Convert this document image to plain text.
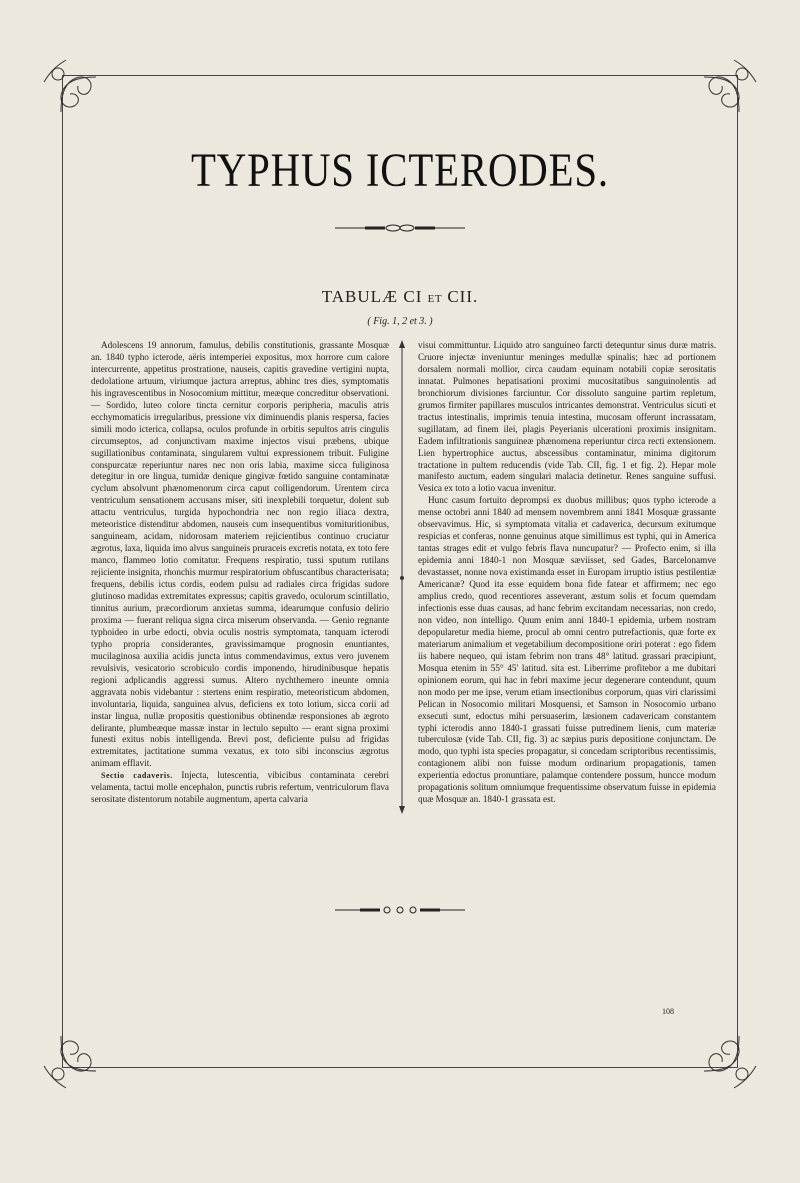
TYPHUS ICTERODES.
TABULÆ CI ET CII.
( Fig. 1, 2 et 3. )

Adolescens 19 annorum, famulus, debilis constitutionis, grassante Mosquæ an. 1840 typho icterode, aëris intemperiei expositus, mox horrore cum calore intercurrente, appetitus prostratione, nauseis, capitis gravedine vertigini nupta, dedolatione artuum, viriumque jactura arreptus, abhinc tres dies, symptomatis his ingravescentibus in Nosocomium mittitur, meæque concreditur observationi. — Sordido, luteo colore tincta cernitur corporis peripheria, maculis atris ecchymomaticis irregularibus, pressione vix diminuendis planis respersa, facies simili modo icterica, collapsa, oculos profunde in orbitis sepultos atris cingulis circumseptos, ad conjunctivam maxime injectos visui præbens, ubique sugillationibus contaminata, singularem vultui expressionem tribuit. Fuligine conspurcatæ reperiuntur nares nec non oris labia, maxime sicca fuliginosa detegitur in ore lingua, tumidæ denique gingivæ fœtido sanguine contaminatæ cyclum absolvunt phænomenorum circa caput colligendorum. Urentem circa ventriculum sensationem accusans miser, siti inexplebili torquetur, dolent sub attactu ventriculus, turgida hypochondria nec non regio iliaca dextra, meteoristice distenditur abdomen, nauseis cum insequentibus vomituritionibus, sanguineam, acidam, nidorosam materiem rejicientibus continuo cruciatur ægrotus, laxa, liquida imo alvus sanguineis pruraceis excretis notata, ex toto fere manco, flammeo lotio comitatur. Frequens respiratio, tussi sputum rutilans rejiciente insignita, rhonchis murmur respiratorium obfuscantibus characterisata; frequens, debilis ictus cordis, eodem pulsu ad radiales circa frigidas sudore glutinoso madidas extremitates expressus; capitis gravedo, oculorum scintillatio, tinnitus aurium, præcordiorum anxietas summa, idearumque confusio delirio proxima — fuerant reliqua signa circa miserum observanda. — Genio regnante typhoideo in urbe edocti, obvia oculis nostris symptomata, tanquam icterodi typho propria considerantes, gravissimamque prognosin enuntiantes, mucilaginosa auxilia acidis juncta intus commendavimus, extus vero juvenem revulsivis, vesicatorio scrobiculo cordis imponendo, hirudinibusque hepatis regioni adplicandis aggressi sumus. Altero nychthemero ineunte omnia aggravata nobis videbantur : stertens enim respiratio, meteoristicum abdomen, involuntaria, liquida, sanguinea alvus, deficiens ex toto lotium, sicca corii ad instar lingua, nullæ propositis questionibus obtinendæ responsiones ab ægroto delirante, plumbeæque massæ instar in lectulo sepulto — erant signa proximi funesti exitus nobis intelligenda. Brevi post, deficiente pulsu ad frigidas extremitates, jactitatione summa vexatus, ex toto sibi inconscius ægrotus animam efflavit.

Sectio cadaveris. Injecta, lutescentia, vibicibus contaminata cerebri velamenta, tactui molle encephalon, punctis rubris refertum, ventriculorum flava serositate distentorum notabile augmentum, aperta calvaria

visui committuntur. Liquido atro sanguineo farcti detequntur sinus duræ matris. Cruore injectæ inveniuntur meninges medullæ spinalis; hæc ad portionem dorsalem normali mollior, circa caudam equinam notabili copiæ serositatis innatat. Pulmones hepatisationi proximi mucositatibus sanguinolentis ad bronchiorum divisiones farciuntur. Cor dissoluto sanguine partim repletum, grumos firmiter papillares musculos intricantes demonstrat. Ventriculus sicuti et tractus intestinalis, imprimis tenuia intestina, mucosam offerunt incrassatam, sugillatam, ad finem ilei, plagis Peyerianis ulcerationi proximis insignitam. Eadem infiltrationis sanguineæ phænomena reperiuntur circa recti extensionem. Lien hypertrophice auctus, abscessibus contaminatur, minima digitorum tractatione in pultem reducendis (vide Tab. CII, fig. 1 et fig. 2). Hepar mole manifesto auctum, eadem singulari malacia detinetur. Renes sanguine suffusi. Vesica ex toto a lotio vacua invenitur.

Hunc casum fortuito deprompsi ex duobus millibus; quos typho icterode a mense octobri anni 1840 ad mensem novembrem anni 1841 Mosquæ grassante observavimus. Hic, si symptomata vitalia et cadaverica, decursum exitumque respicias et conferas, nonne genuinus atque simillimus est typhi, qui in America tantas strages edit et vulgo febris flava nuncupatur? — Profecto enim, si illa epidemia anni 1840-1 non Mosquæ sæviisset, sed Gades, Barcelonamve devastasset, nonne nova existimanda esset in Europam irruptio istius pestilentiæ Americanæ? Quod ita esse equidem bona fide fatear et affirmem; nec ego amplius credo, quod recentiores asseverant, æstum solis et focum quemdam infectionis esse duas causas, ad hanc febrim excitandam necessarias, non credo, non video, non intelligo. Quum enim anni 1840-1 epidemia, urbem nostram depopularetur media hieme, procul ab omni centro putrefactionis, quæ forte ex materiarum animalium et vegetabilium decompositione oriri poterat : ego fidem iis habere nequeo, qui istam febrim non trans 48° latitud. grassari præcipiunt, Mosqua etenim in 55° 45' latitud. sita est. Liberrime profitebor a me dubitari opinionem eorum, qui hac in febri maxime jecur degenerare contendunt, quum non modo per me ipse, verum etiam insectionibus corporum, quas viri clarissimi Pelican in Nosocomio militari Mosquensi, et Samson in Nosocomio urbano exsecuti sunt, edoctus mihi persuaserim, læsionem cadavericam constantem typhi icterodis anno 1840-1 grassati fuisse putredinem lienis, cum materiæ tuberculosæ (vide Tab. CII, fig. 3) ac sæpius puris depositione conjunctam. De modo, quo typhi ista species propagatur, si concedam scriptoribus recentissimis, contagionem alibi non fuisse modum ordinarium propagationis, tamen experientia edoctus pronuntiare, palamque contendere possum, huncce modum propagationis solitum omniumque frequentissime observatum fuisse in epidemia quæ Mosquæ an. 1840-1 grassata est.

108
